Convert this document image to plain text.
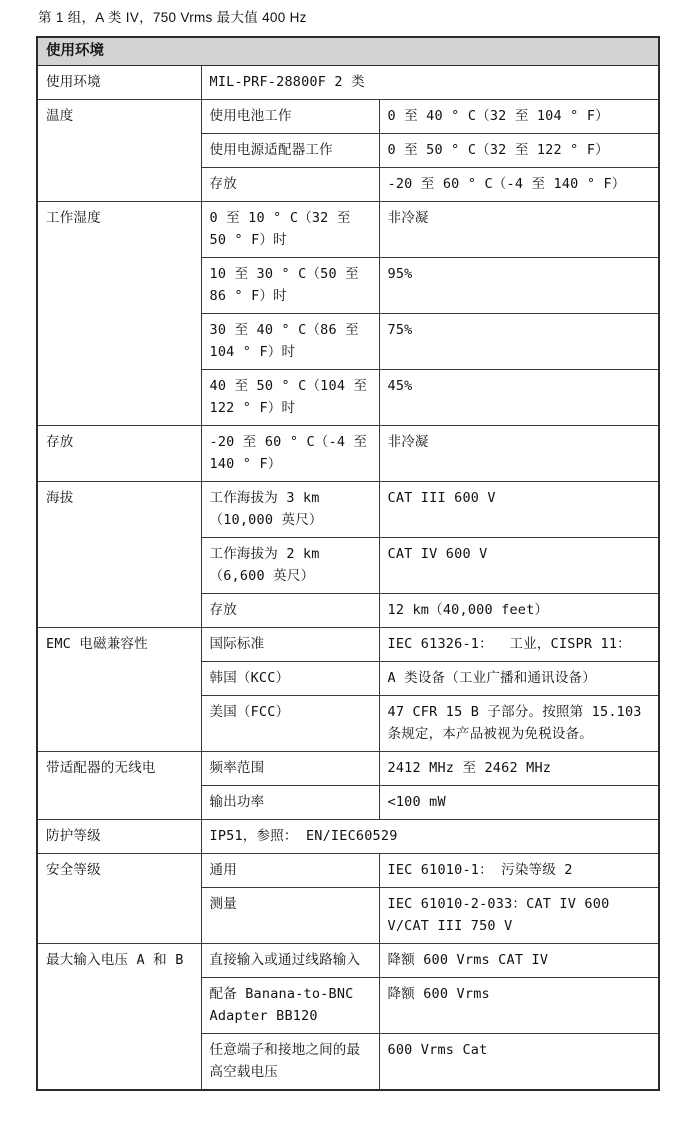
第 1 组，A 类 IV，750 Vrms 最大值 400 Hz
使用环境		
使用环境	MIL-PRF-28800F 2 类	
温度	使用电池工作	0 至 40 ° C（32 至 104 ° F）
	使用电源适配器工作	0 至 50 ° C（32 至 122 ° F）
	存放	-20 至 60 ° C（-4 至 140 ° F）
工作湿度	0 至 10 ° C（32 至 50 ° F）时	非冷凝
	10 至 30 ° C（50 至 86 ° F）时	95%
	30 至 40 ° C（86 至 104 ° F）时	75%
	40 至 50 ° C（104 至 122 ° F）时	45%
存放	-20 至 60 ° C（-4 至 140 ° F）	非冷凝
海拔	工作海拔为 3 km（10,000 英尺）	CAT III 600 V
	工作海拔为 2 km（6,600 英尺）	CAT IV 600 V
	存放	12 km（40,000 feet）
EMC 电磁兼容性	国际标准	IEC 61326-1：  工业，CISPR 11：
	韩国（KCC）	A 类设备（工业广播和通讯设备）
	美国（FCC）	47 CFR 15 B 子部分。按照第 15.103 条规定，本产品被视为免税设备。
带适配器的无线电	频率范围	2412 MHz 至 2462 MHz
	输出功率	<100 mW
防护等级	IP51，参照： EN/IEC60529	
安全等级	通用	IEC 61010-1： 污染等级 2
	测量	IEC 61010-2-033：CAT IV 600 V/CAT III 750 V
最大输入电压 A 和 B	直接输入或通过线路输入	降额 600 Vrms CAT IV
	配备 Banana-to-BNC Adapter BB120	降额 600 Vrms
	任意端子和接地之间的最高空载电压	600 Vrms Cat
